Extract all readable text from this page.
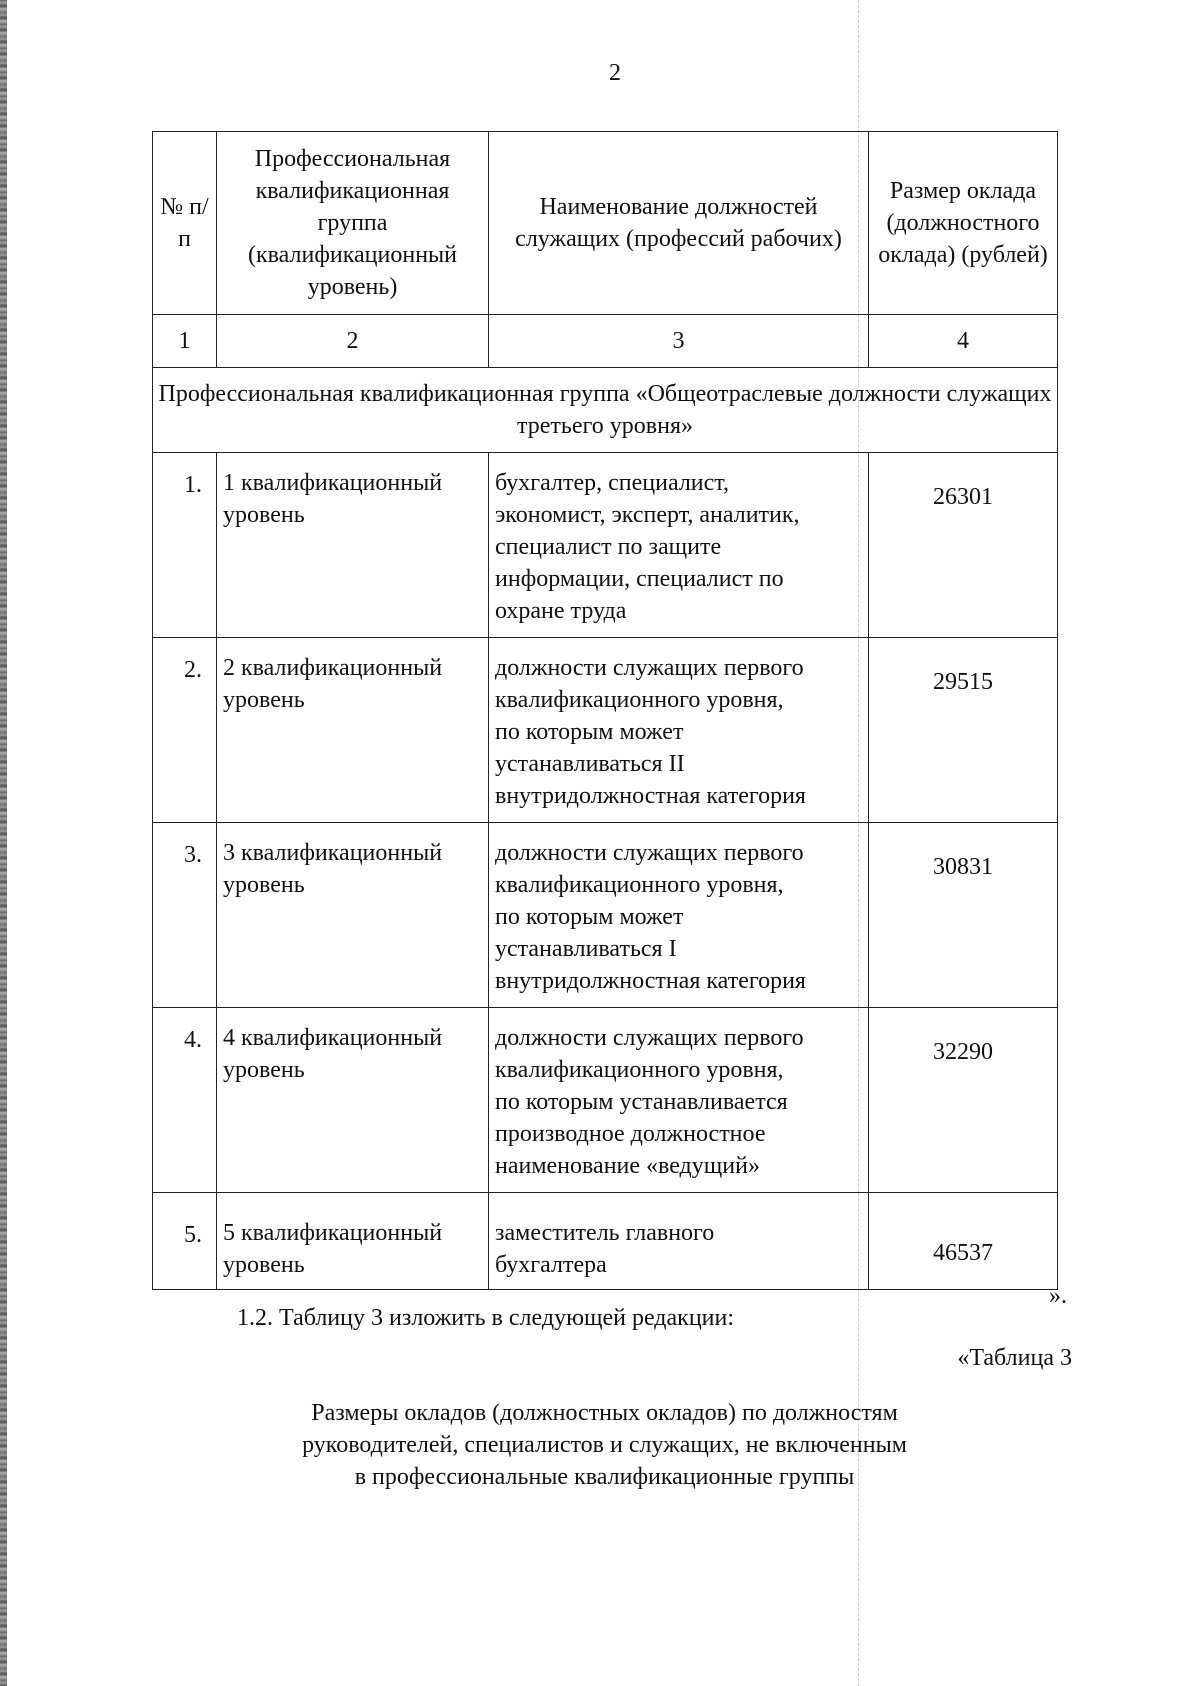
2
№ п/п	Профессиональная квалификационная группа (квалификационный уровень)	Наименование должностей служащих (профессий рабочих)	Размер оклада (должностного оклада) (рублей)

1	2	3	4
Профессиональная квалификационная группа «Общеотраслевые должности служащих третьего уровня»			
1.	1 квалификационный уровень	бухгалтер, специалист,
экономист, эксперт, аналитик,
специалист по защите
информации, специалист по
охране труда	26301
2.	2 квалификационный уровень	должности служащих первого
квалификационного уровня,
по которым может
устанавливаться II
внутридолжностная категория	29515
3.	3 квалификационный уровень	должности служащих первого
квалификационного уровня,
по которым может
устанавливаться I
внутридолжностная категория	30831
4.	4 квалификационный уровень	должности служащих первого
квалификационного уровня,
по которым устанавливается
производное должностное
наименование «ведущий»	32290
5.	5 квалификационный уровень	заместитель главного
бухгалтера	46537
».
1.2. Таблицу 3 изложить в следующей редакции:
«Таблица 3
Размеры окладов (должностных окладов) по должностям
руководителей, специалистов и служащих, не включенным
в профессиональные квалификационные группы
